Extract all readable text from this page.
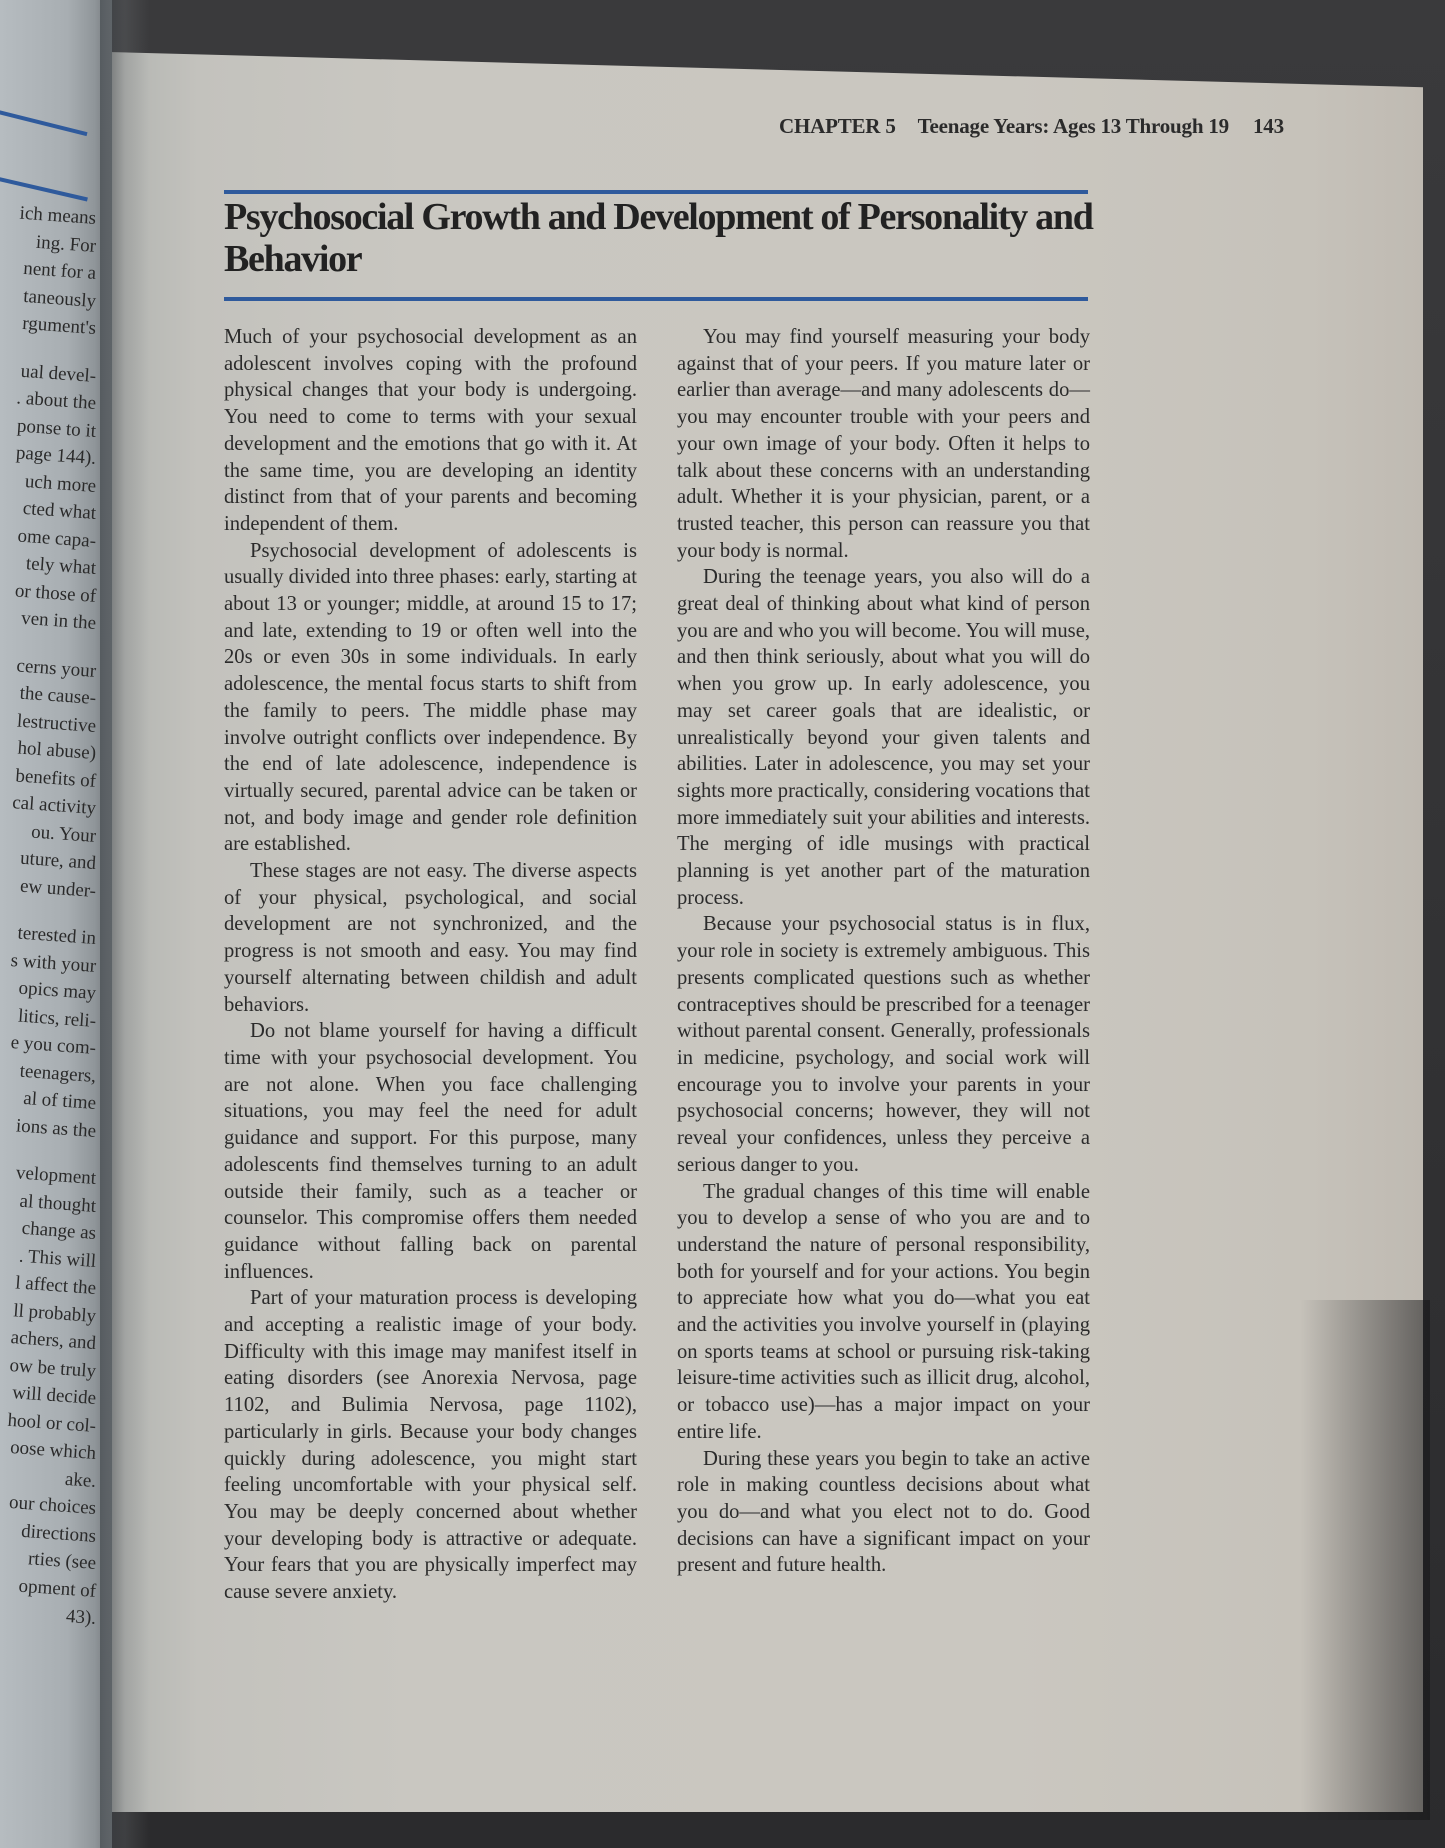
ich means
ing. For
nent for a
taneously
rgument's
ual devel-
. about the
ponse to it
page 144).
uch more
cted what
ome capa-
tely what
or those of
ven in the
cerns your
the cause-
lestructive
hol abuse)
benefits of
cal activity
ou. Your
uture, and
ew under-
terested in
s with your
opics may
litics, reli-
e you com-
teenagers,
al of time
ions as the
velopment
al thought
change as
. This will
l affect the
ll probably
achers, and
ow be truly
will decide
hool or col-
oose which
ake.
our choices
directions
rties (see
opment of
43).
CHAPTER 5 Teenage Years: Ages 13 Through 19 143
Psychosocial Growth and Development of Personality and Behavior

Much of your psychosocial development as an adolescent involves coping with the profound physical changes that your body is undergoing. You need to come to terms with your sexual development and the emotions that go with it. At the same time, you are developing an identity distinct from that of your parents and becoming independent of them.

Psychosocial development of adolescents is usually divided into three phases: early, starting at about 13 or younger; middle, at around 15 to 17; and late, extending to 19 or often well into the 20s or even 30s in some individuals. In early adolescence, the mental focus starts to shift from the family to peers. The middle phase may involve outright conflicts over independence. By the end of late adolescence, independence is virtually secured, parental advice can be taken or not, and body image and gender role definition are established.

These stages are not easy. The diverse aspects of your physical, psychological, and social development are not synchronized, and the progress is not smooth and easy. You may find yourself alternating between childish and adult behaviors.

Do not blame yourself for having a difficult time with your psychosocial development. You are not alone. When you face challenging situations, you may feel the need for adult guidance and support. For this purpose, many adolescents find themselves turning to an adult outside their family, such as a teacher or counselor. This compromise offers them needed guidance without falling back on parental influences.

Part of your maturation process is developing and accepting a realistic image of your body. Difficulty with this image may manifest itself in eating disorders (see Anorexia Nervosa, page 1102, and Bulimia Nervosa, page 1102), particularly in girls. Because your body changes quickly during adolescence, you might start feeling uncomfortable with your physical self. You may be deeply concerned about whether your developing body is attractive or adequate. Your fears that you are physically imperfect may cause severe anxiety.

You may find yourself measuring your body against that of your peers. If you mature later or earlier than average—and many adolescents do—you may encounter trouble with your peers and your own image of your body. Often it helps to talk about these concerns with an understanding adult. Whether it is your physician, parent, or a trusted teacher, this person can reassure you that your body is normal.

During the teenage years, you also will do a great deal of thinking about what kind of person you are and who you will become. You will muse, and then think seriously, about what you will do when you grow up. In early adolescence, you may set career goals that are idealistic, or unrealistically beyond your given talents and abilities. Later in adolescence, you may set your sights more practically, considering vocations that more immediately suit your abilities and interests. The merging of idle musings with practical planning is yet another part of the maturation process.

Because your psychosocial status is in flux, your role in society is extremely ambiguous. This presents complicated questions such as whether contraceptives should be prescribed for a teenager without parental consent. Generally, professionals in medicine, psychology, and social work will encourage you to involve your parents in your psychosocial concerns; however, they will not reveal your confidences, unless they perceive a serious danger to you.

The gradual changes of this time will enable you to develop a sense of who you are and to understand the nature of personal responsibility, both for yourself and for your actions. You begin to appreciate how what you do—what you eat and the activities you involve yourself in (playing on sports teams at school or pursuing risk-taking leisure-time activities such as illicit drug, alcohol, or tobacco use)—has a major impact on your entire life.

During these years you begin to take an active role in making countless decisions about what you do—and what you elect not to do. Good decisions can have a significant impact on your present and future health.
